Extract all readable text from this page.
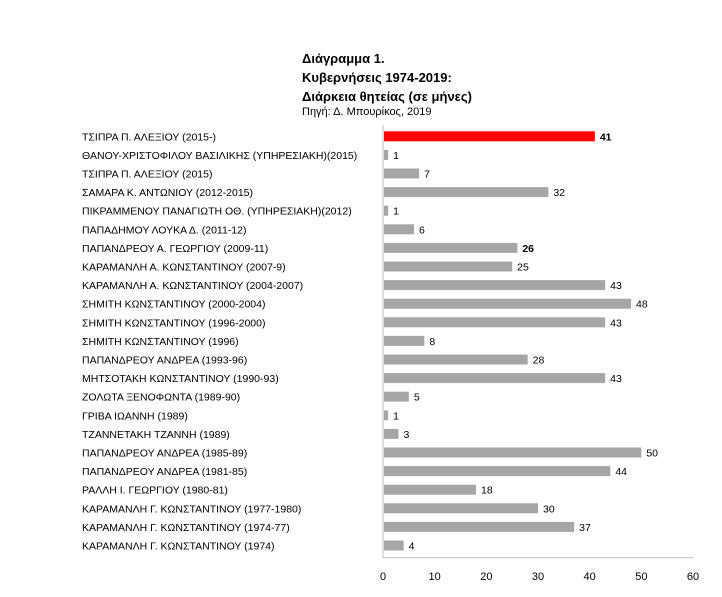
Διάγραμμα 1.
Κυβερνήσεις 1974-2019:
Διάρκεια θητείας (σε μήνες)
Πηγή: Δ. Μπουρίκος, 2019
ΤΣΙΠΡΑ Π. ΑΛΕΞΙΟΥ (2015-)	41
ΘΑΝΟΥ-ΧΡΙΣΤΟΦΙΛΟΥ ΒΑΣΙΛΙΚΗΣ (ΥΠΗΡΕΣΙΑΚΗ)(2015)	1
ΤΣΙΠΡΑ Π. ΑΛΕΞΙΟΥ (2015)	7
ΣΑΜΑΡΑ Κ. ΑΝΤΩΝΙΟΥ (2012-2015)	32
ΠΙΚΡΑΜΜΕΝΟΥ ΠΑΝΑΓΙΩΤΗ ΟΘ. (ΥΠΗΡΕΣΙΑΚΗ)(2012)	1
ΠΑΠΑΔΗΜΟΥ ΛΟΥΚΑ Δ. (2011-12)	6
ΠΑΠΑΝΔΡΕΟΥ Α. ΓΕΩΡΓΙΟΥ (2009-11)	26
ΚΑΡΑΜΑΝΛΗ Α. ΚΩΝΣΤΑΝΤΙΝΟΥ (2007-9)	25
ΚΑΡΑΜΑΝΛΗ Α. ΚΩΝΣΤΑΝΤΙΝΟΥ (2004-2007)	43
ΣΗΜΙΤΗ ΚΩΝΣΤΑΝΤΙΝΟΥ (2000-2004)	48
ΣΗΜΙΤΗ ΚΩΝΣΤΑΝΤΙΝΟΥ (1996-2000)	43
ΣΗΜΙΤΗ ΚΩΝΣΤΑΝΤΙΝΟΥ (1996)	8
ΠΑΠΑΝΔΡΕΟΥ ΑΝΔΡΕΑ (1993-96)	28
ΜΗΤΣΟΤΑΚΗ ΚΩΝΣΤΑΝΤΙΝΟΥ (1990-93)	43
ΖΟΛΩΤΑ ΞΕΝΟΦΩΝΤΑ (1989-90)	5
ΓΡΙΒΑ ΙΩΑΝΝΗ (1989)	1
ΤΖΑΝΝΕΤΑΚΗ ΤΖΑΝΝΗ (1989)	3
ΠΑΠΑΝΔΡΕΟΥ ΑΝΔΡΕΑ (1985-89)	50
ΠΑΠΑΝΔΡΕΟΥ ΑΝΔΡΕΑ (1981-85)	44
ΡΑΛΛΗ Ι. ΓΕΩΡΓΙΟΥ (1980-81)	18
ΚΑΡΑΜΑΝΛΗ Γ. ΚΩΝΣΤΑΝΤΙΝΟΥ (1977-1980)	30
ΚΑΡΑΜΑΝΛΗ Γ. ΚΩΝΣΤΑΝΤΙΝΟΥ (1974-77)	37
ΚΑΡΑΜΑΝΛΗ Γ. ΚΩΝΣΤΑΝΤΙΝΟΥ (1974)	4
0	10	20	30	40	50	60
